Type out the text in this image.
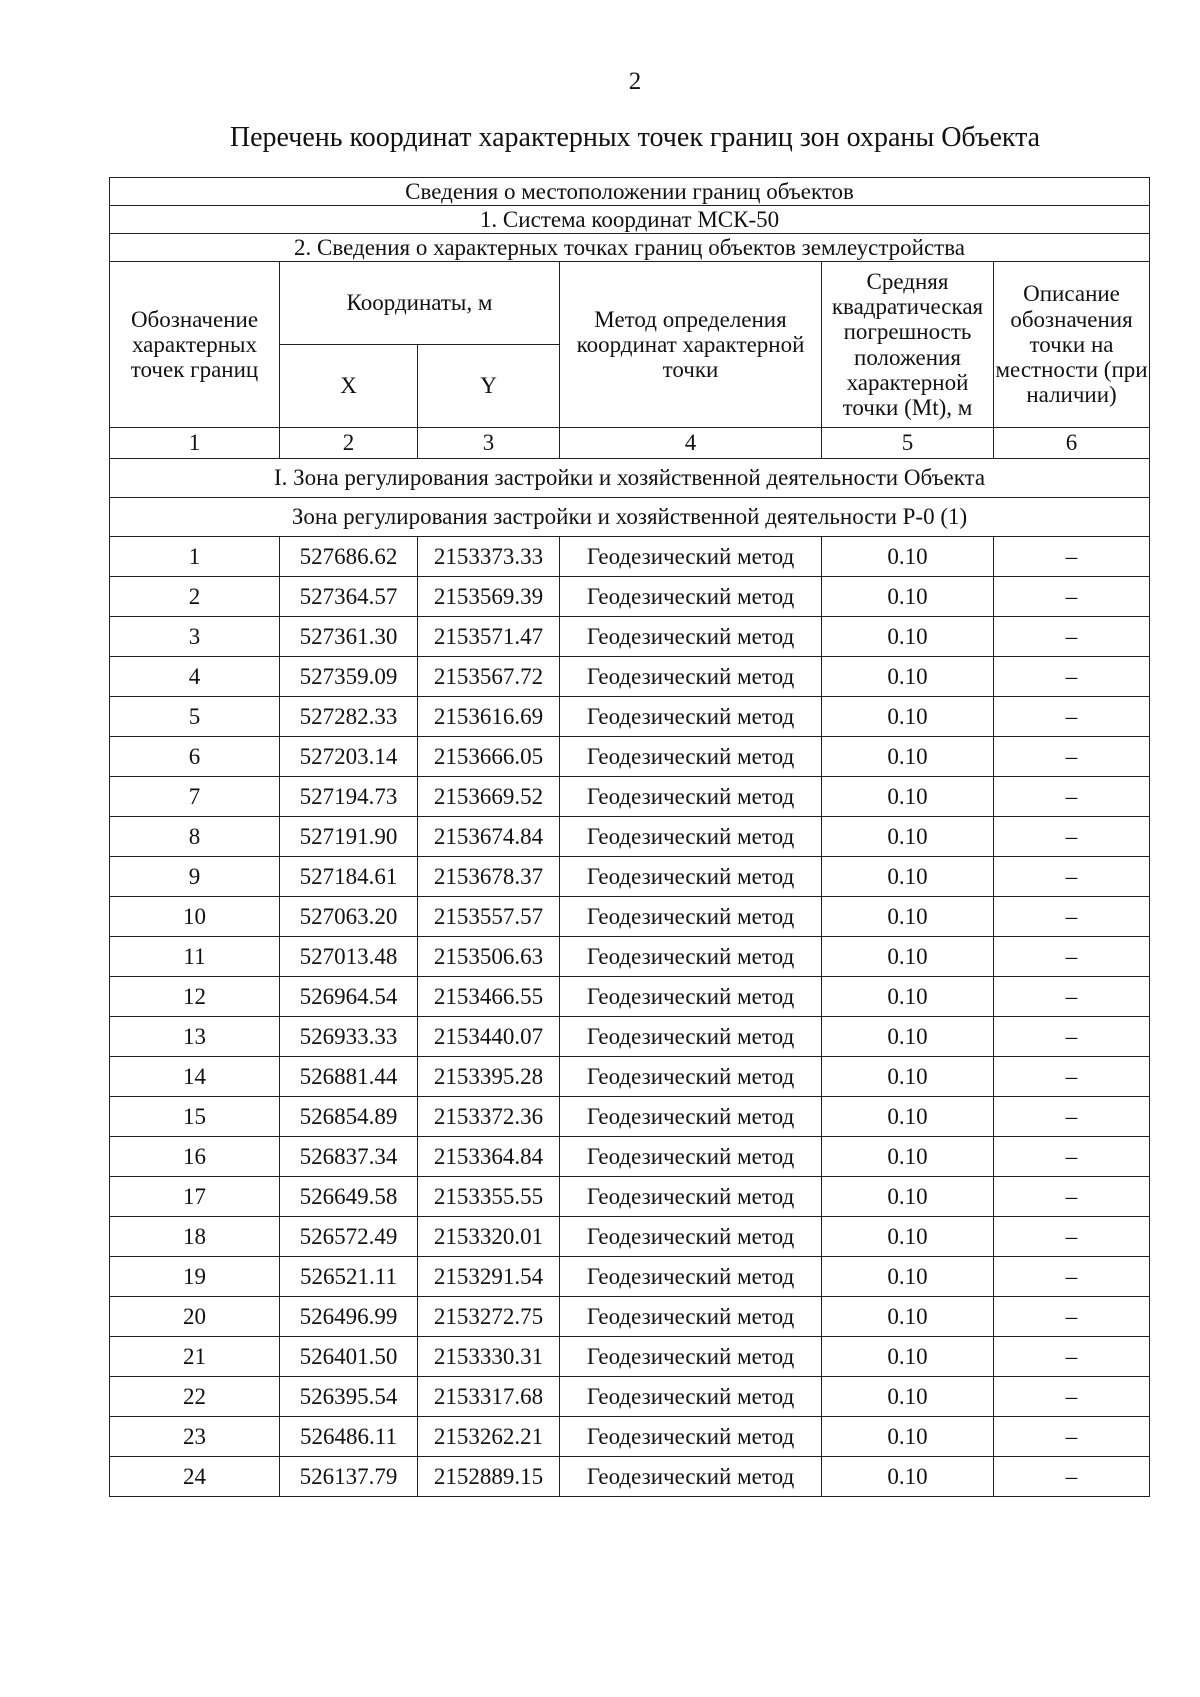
2
Перечень координат характерных точек границ зон охраны Объекта
Сведения о местоположении границ объектов					
1. Система координат МСК-50					
2. Сведения о характерных точках границ объектов землеустройства					
Обозначение характерных точек границ	Координаты, м		Метод определения координат характерной точки	Средняя квадратическая погрешность положения характерной точки (Mt), м	Описание обозначения точки на местности (при наличии)
	X	Y			
1	2	3	4	5	6
I. Зона регулирования застройки и хозяйственной деятельности Объекта					
Зона регулирования застройки и хозяйственной деятельности Р-0 (1)					
1	527686.62	2153373.33	Геодезический метод	0.10	–
2	527364.57	2153569.39	Геодезический метод	0.10	–
3	527361.30	2153571.47	Геодезический метод	0.10	–
4	527359.09	2153567.72	Геодезический метод	0.10	–
5	527282.33	2153616.69	Геодезический метод	0.10	–
6	527203.14	2153666.05	Геодезический метод	0.10	–
7	527194.73	2153669.52	Геодезический метод	0.10	–
8	527191.90	2153674.84	Геодезический метод	0.10	–
9	527184.61	2153678.37	Геодезический метод	0.10	–
10	527063.20	2153557.57	Геодезический метод	0.10	–
11	527013.48	2153506.63	Геодезический метод	0.10	–
12	526964.54	2153466.55	Геодезический метод	0.10	–
13	526933.33	2153440.07	Геодезический метод	0.10	–
14	526881.44	2153395.28	Геодезический метод	0.10	–
15	526854.89	2153372.36	Геодезический метод	0.10	–
16	526837.34	2153364.84	Геодезический метод	0.10	–
17	526649.58	2153355.55	Геодезический метод	0.10	–
18	526572.49	2153320.01	Геодезический метод	0.10	–
19	526521.11	2153291.54	Геодезический метод	0.10	–
20	526496.99	2153272.75	Геодезический метод	0.10	–
21	526401.50	2153330.31	Геодезический метод	0.10	–
22	526395.54	2153317.68	Геодезический метод	0.10	–
23	526486.11	2153262.21	Геодезический метод	0.10	–
24	526137.79	2152889.15	Геодезический метод	0.10	–
